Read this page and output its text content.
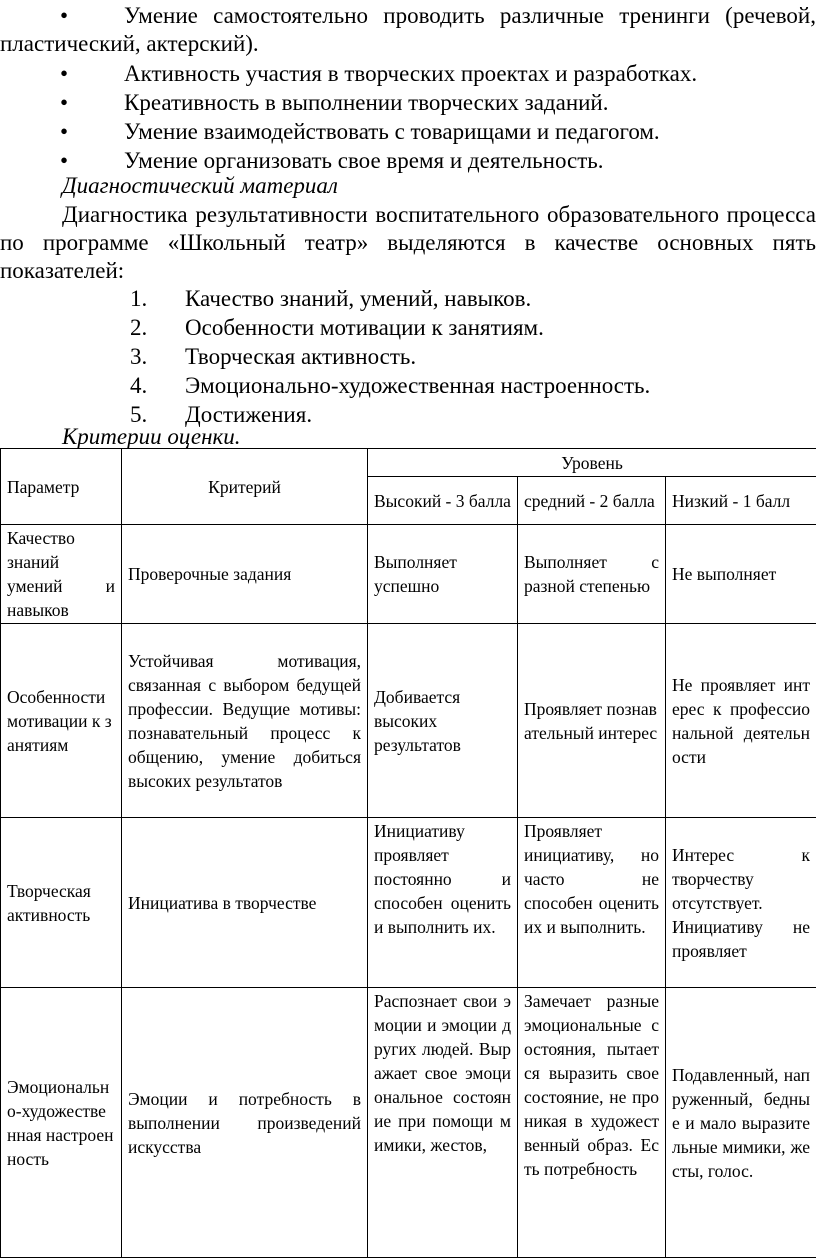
•	Умение самостоятельно проводить различные тренинги (речевой, пластический, актерский).
•	Активность участия в творческих проектах и разработках.
•	Креативность в выполнении творческих заданий.
•	Умение взаимодействовать с товарищами и педагогом.
•	Умение организовать свое время и деятельность.
Диагностический материал

Диагностика результативности воспитательного образовательного процесса по программе «Школьный театр» выделяются в качестве основных пять показателей:

1. Качество знаний, умений, навыков.
2. Особенности мотивации к занятиям.
3. Творческая активность.
4. Эмоционально-художественная настроенность.
5. Достижения.
Критерии оценки.
Параметр	Критерий	Уровень		
		Высокий - 3 балла	средний - 2 балла	Низкий - 1 балл
Качество знаний умений и навыков	Проверочные задания	Выполняет успешно	Выполняет с разной степенью	Не выполняет
Особенности мотивации к занятиям	Устойчивая мотивация, связанная с выбором бедущей профессии. Ведущие мотивы: познавательный процесс к общению, умение добиться высоких результатов	Добивается высоких результатов	Проявляет познавательный интерес	Не проявляет интерес к профессиональной деятельности
Творческая активность	Инициатива в творчестве	Инициативу проявляет постоянно и способен оценить и выполнить их.	Проявляет инициативу, но часто не способен оценить их и выполнить.	Интерес к творчеству отсутствует. Инициативу не проявляет
Эмоционально-художественная настроенность	Эмоции и потребность в выполнении произведений искусства	Распознает свои эмоции и эмоции других людей. Выражает свое эмоциональное состояние при помощи мимики, жестов,	Замечает разные эмоциональные состояния, пытается выразить свое состояние, не проникая в художественный образ. Есть потребность	Подавленный, напруженный, бедные и мало выразительные мимики, жесты, голос.
